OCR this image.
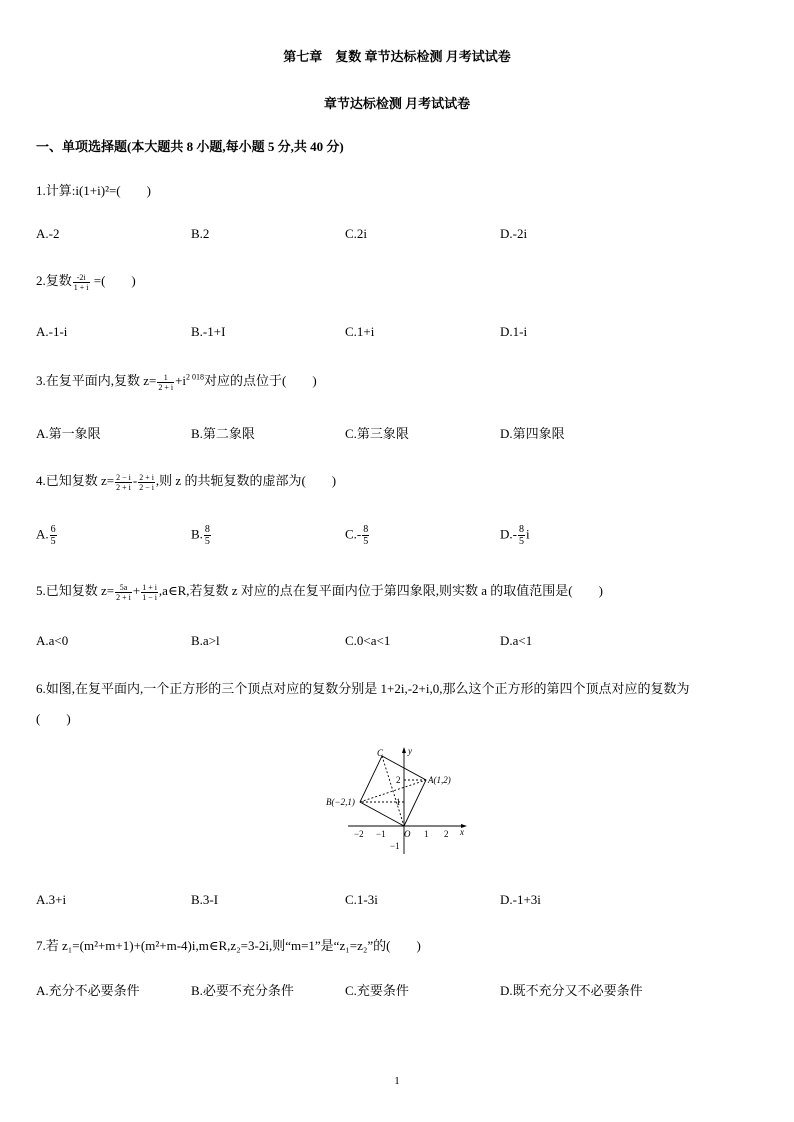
第七章　复数 章节达标检测 月考试试卷
章节达标检测 月考试试卷
一、单项选择题(本大题共 8 小题,每小题 5 分,共 40 分)
1.计算:i(1+i)²=(　　)
A.-2	B.2	C.2i	D.-2i
2.复数 $\frac{-2i}{1 + i}$ =(　　)
A.-1-i	B.-1+I	C.1+i	D.1-i
3.在复平面内,复数 $z= \frac{1}{2 + i} +i^{2 018}$对应的点位于(　　)
A.第一象限	B.第二象限	C.第三象限	D.第四象限
4.已知复数 $z= \frac{2 - i}{2 + i} - \frac{2 + i}{2 - i}$ ,则 z 的共轭复数的虚部为(　　)
A. $\frac{6}{5}$	B. $\frac{8}{5}$	$C.- \frac{8}{5}$	$D.- \frac{8}{5}$ i
5.已知复数 $z= \frac{5a}{2 + i} + \frac{1 + i}{1 - i}$ ,a∈R,若复数 z 对应的点在复平面内位于第四象限,则实数 a 的取值范围是(　　)
A.a<0	B.a>l	C.0<a<1	D.a<1
6.如图,在复平面内,一个正方形的三个顶点对应的复数分别是 1+2i,-2+i,0,那么这个正方形的第四个顶点对应的复数为
(　　)
C	y
A(1,2)
B(−2,1)
O	x
−2 −1	1 2
2
1
−1
A.3+i	B.3-I	C.1-3i	D.-1+3i
7.若 z₁=(m²+m+1)+(m²+m-4)i,m∈R,z₂=3-2i,则“m=1”是“z₁=z₂”的(　　)
A.充分不必要条件	B.必要不充分条件	C.充要条件	D.既不充分又不必要条件
1
